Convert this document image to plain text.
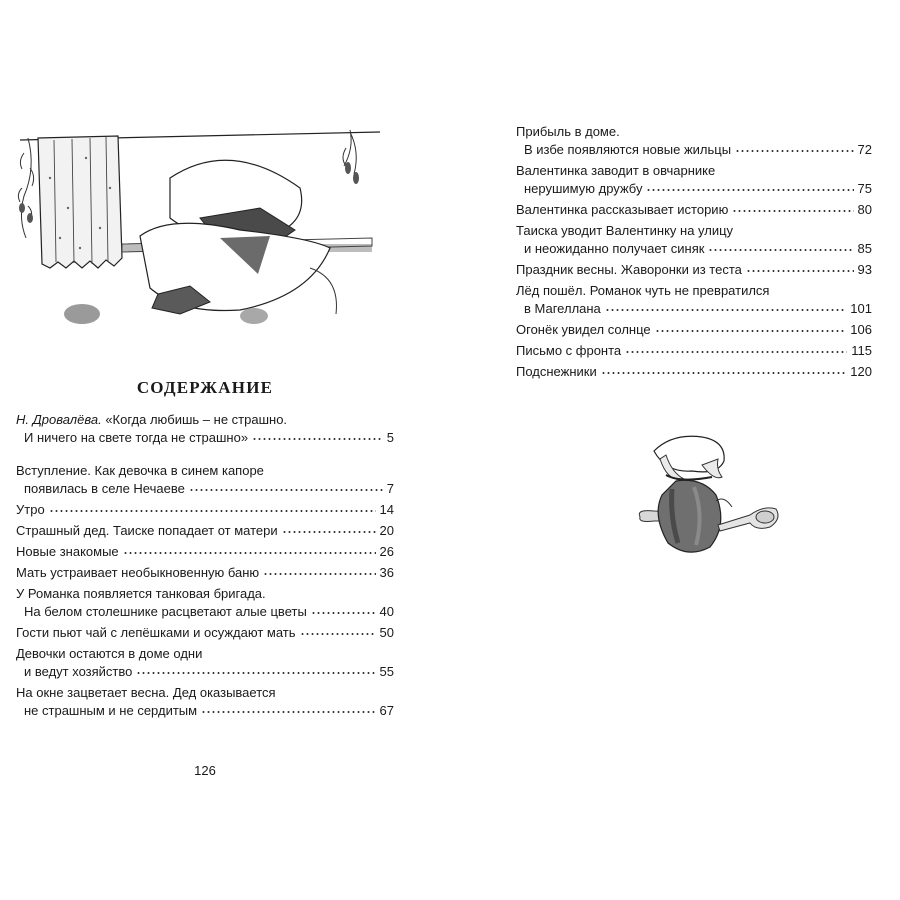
СОДЕРЖАНИЕ
Н. Дровалёва. «Когда любишь – не страшно.
И ничего на свете тогда не страшно»	5
Вступление. Как девочка в синем капоре
появилась в селе Нечаеве	7
Утро	14
Страшный дед. Таиске попадает от матери	20
Новые знакомые	26
Мать устраивает необыкновенную баню	36
У Романка появляется танковая бригада.
На белом столешнике расцветают алые цветы	40
Гости пьют чай с лепёшками и осуждают мать	50
Девочки остаются в доме одни
и ведут хозяйство	55
На окне зацветает весна. Дед оказывается
не страшным и не сердитым	67
126
Прибыль в доме.
В избе появляются новые жильцы	72
Валентинка заводит в овчарнике
нерушимую дружбу	75
Валентинка рассказывает историю	80
Таиска уводит Валентинку на улицу
и неожиданно получает синяк	85
Праздник весны. Жаворонки из теста	93
Лёд пошёл. Романок чуть не превратился
в Магеллана	101
Огонёк увидел солнце	106
Письмо с фронта	115
Подснежники	120
